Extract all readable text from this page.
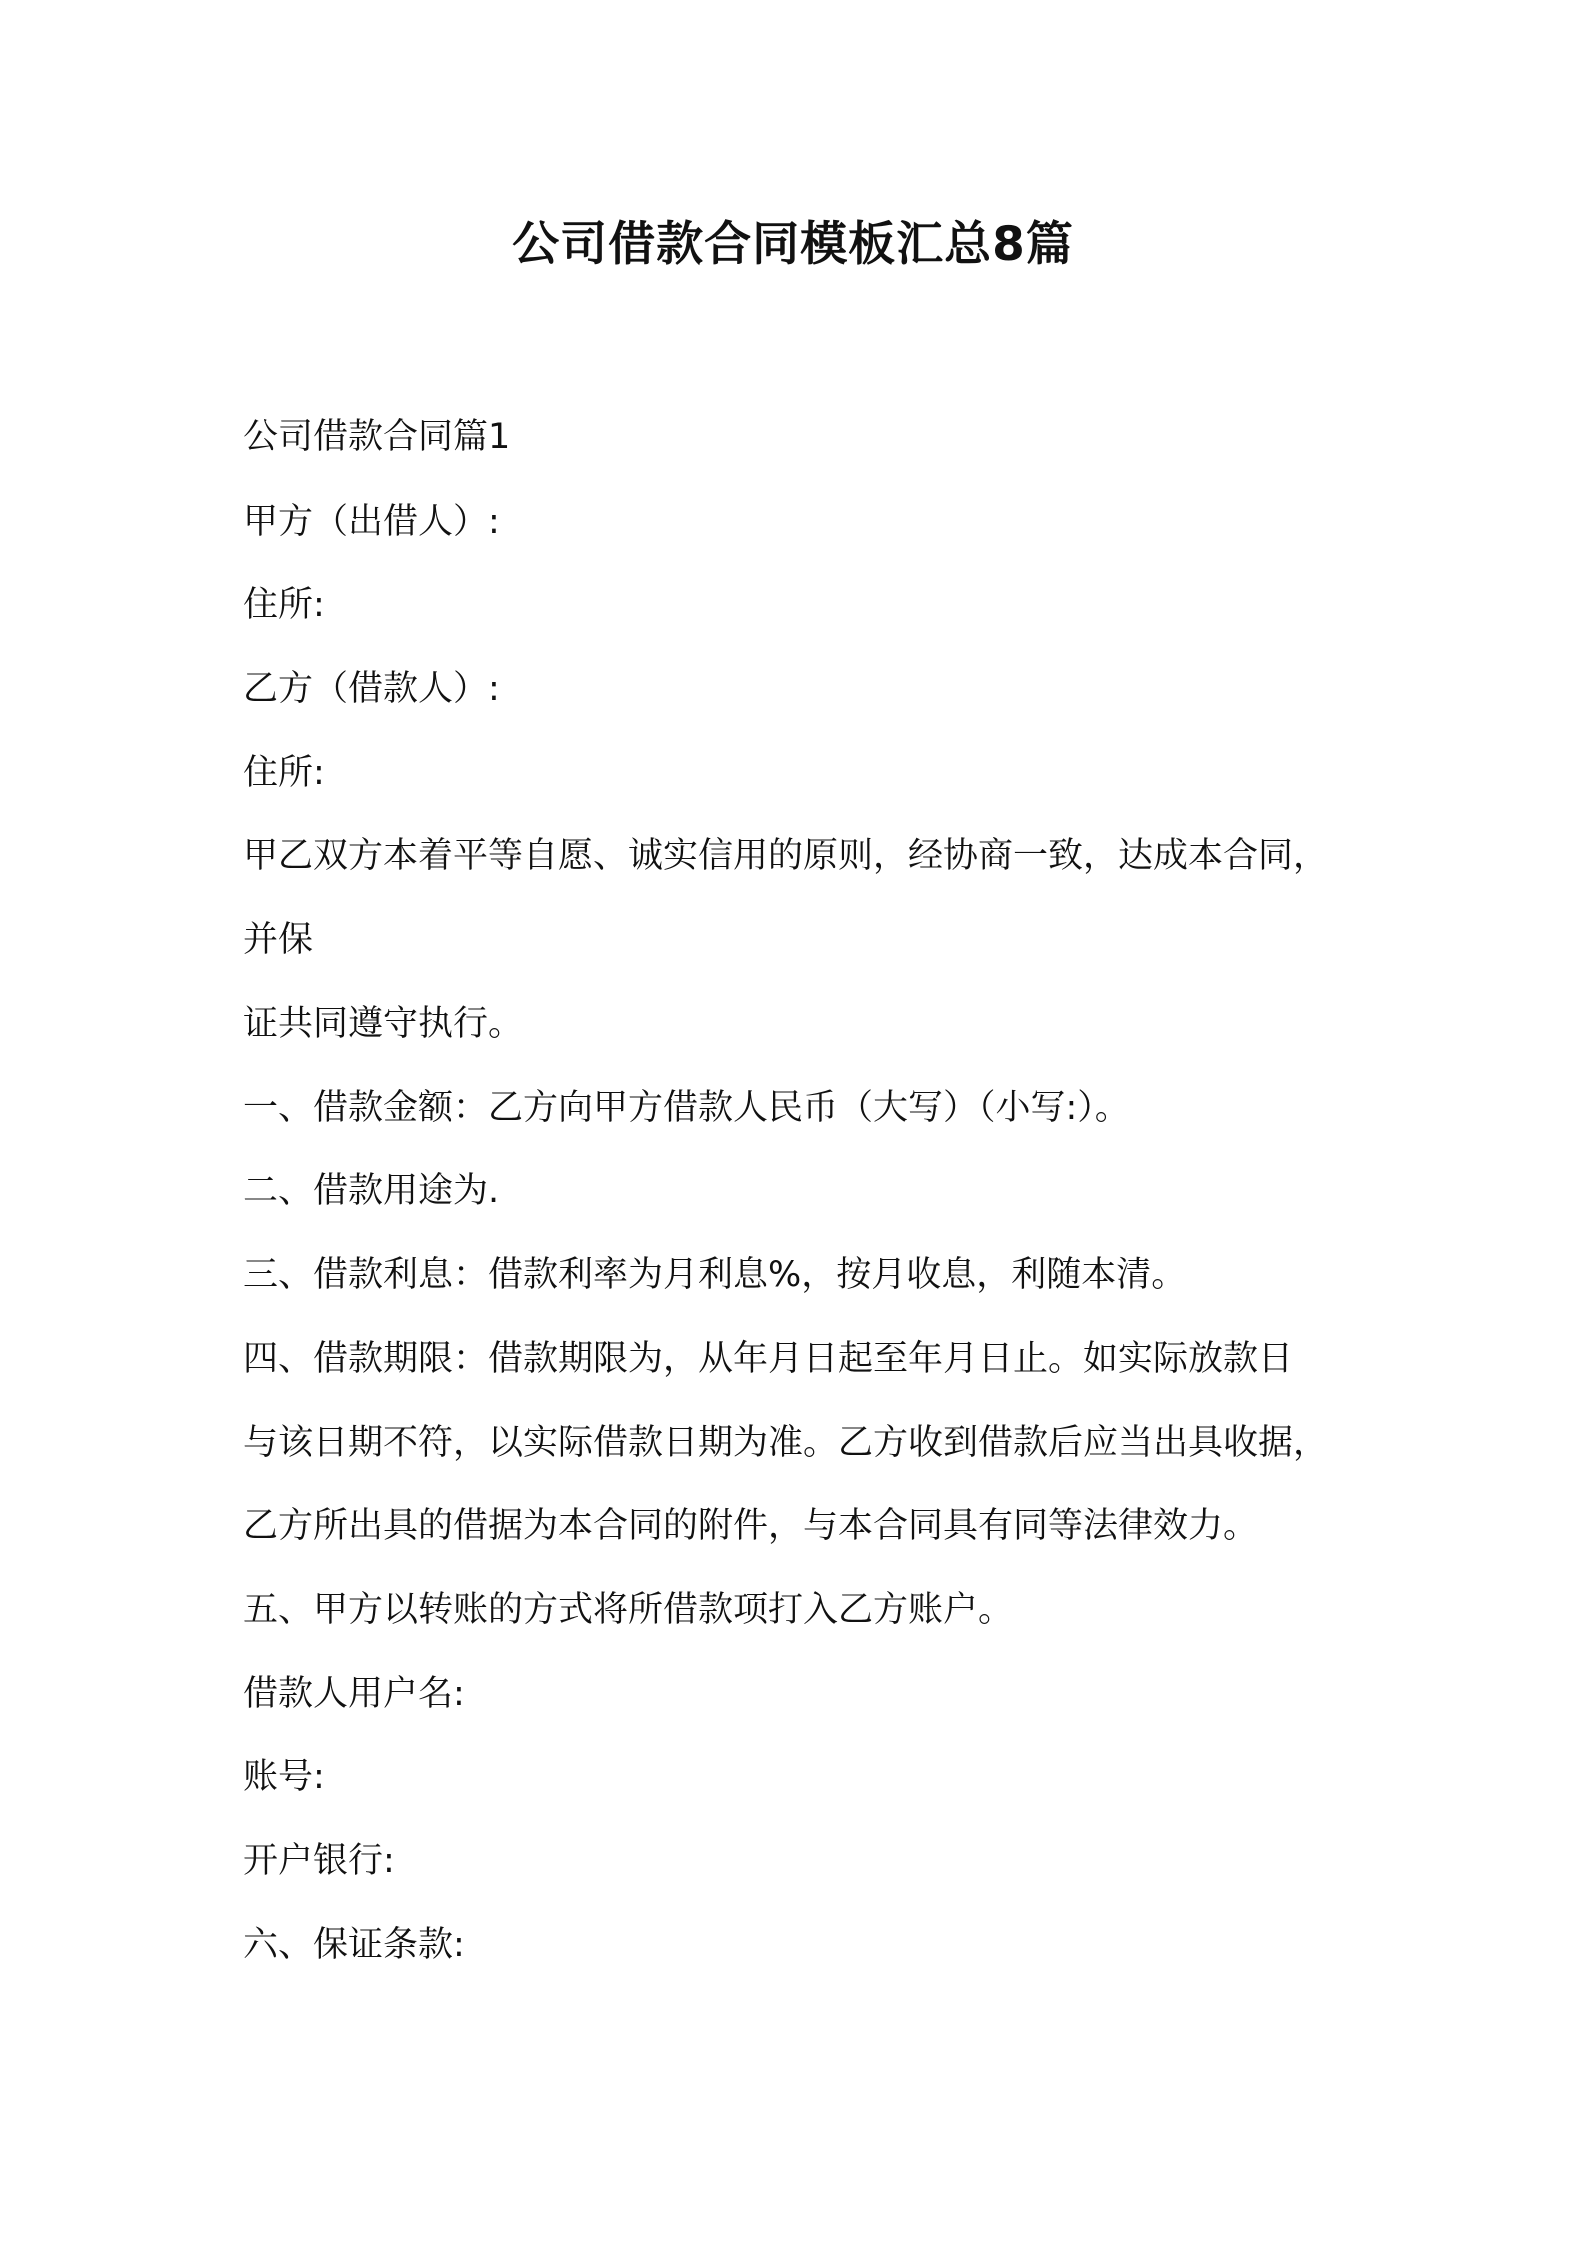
公司借款合同模板汇总8篇
公司借款合同篇1
甲方（出借人）:
住所:
乙方（借款人）:
住所:
甲乙双方本着平等自愿、诚实信用的原则，经协商一致，达成本合同，
并保
证共同遵守执行。
一、借款金额：乙方向甲方借款人民币（大写）（小写:）。
二、借款用途为.
三、借款利息：借款利率为月利息%，按月收息，利随本清。
四、借款期限：借款期限为，从年月日起至年月日止。如实际放款日
与该日期不符，以实际借款日期为准。乙方收到借款后应当出具收据，
乙方所出具的借据为本合同的附件，与本合同具有同等法律效力。
五、甲方以转账的方式将所借款项打入乙方账户。
借款人用户名:
账号:
开户银行:
六、保证条款:
